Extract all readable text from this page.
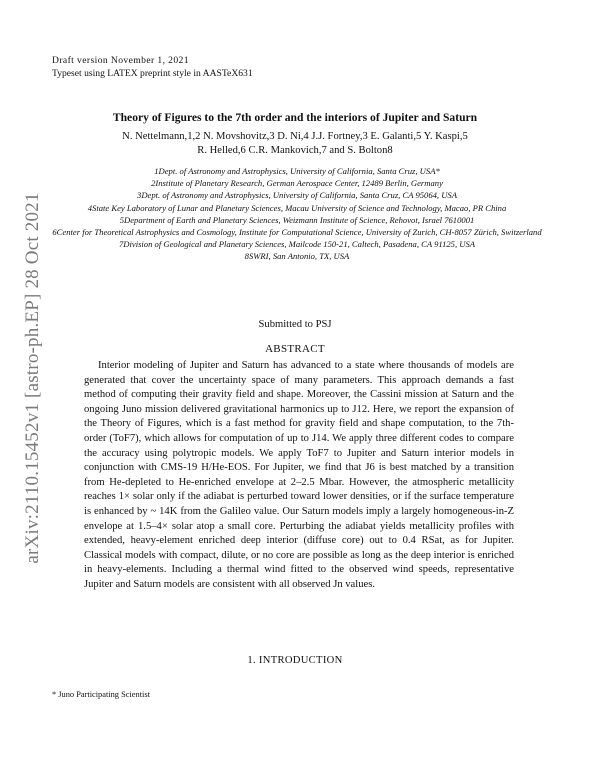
arXiv:2110.15452v1 [astro-ph.EP] 28 Oct 2021
Draft version November 1, 2021
Typeset using LATEX preprint style in AASTeX631
Theory of Figures to the 7th order and the interiors of Jupiter and Saturn
N. Nettelmann,1,2 N. Movshovitz,3 D. Ni,4 J.J. Fortney,3 E. Galanti,5 Y. Kaspi,5
R. Helled,6 C.R. Mankovich,7 and S. Bolton8
1Dept. of Astronomy and Astrophysics, University of California, Santa Cruz, USA*
2Institute of Planetary Research, German Aerospace Center, 12489 Berlin, Germany
3Dept. of Astronomy and Astrophysics, University of California, Santa Cruz, CA 95064, USA
4State Key Laboratory of Lunar and Planetary Sciences, Macau University of Science and Technology, Macao, PR China
5Department of Earth and Planetary Sciences, Weizmann Institute of Science, Rehovot, Israel 7610001
6Center for Theoretical Astrophysics and Cosmology, Institute for Computational Science, University of Zurich, CH-8057 Zürich, Switzerland
7Division of Geological and Planetary Sciences, Mailcode 150-21, Caltech, Pasadena, CA 91125, USA
8SWRI, San Antonio, TX, USA
Submitted to PSJ
ABSTRACT
Interior modeling of Jupiter and Saturn has advanced to a state where thousands of models are generated that cover the uncertainty space of many parameters. This approach demands a fast method of computing their gravity field and shape. Moreover, the Cassini mission at Saturn and the ongoing Juno mission delivered gravitational harmonics up to J12. Here, we report the expansion of the Theory of Figures, which is a fast method for gravity field and shape computation, to the 7th-order (ToF7), which allows for computation of up to J14. We apply three different codes to compare the accuracy using polytropic models. We apply ToF7 to Jupiter and Saturn interior models in conjunction with CMS-19 H/He-EOS. For Jupiter, we find that J6 is best matched by a transition from He-depleted to He-enriched envelope at 2–2.5 Mbar. However, the atmospheric metallicity reaches 1× solar only if the adiabat is perturbed toward lower densities, or if the surface temperature is enhanced by ~ 14K from the Galileo value. Our Saturn models imply a largely homogeneous-in-Z envelope at 1.5–4× solar atop a small core. Perturbing the adiabat yields metallicity profiles with extended, heavy-element enriched deep interior (diffuse core) out to 0.4 RSat, as for Jupiter. Classical models with compact, dilute, or no core are possible as long as the deep interior is enriched in heavy-elements. Including a thermal wind fitted to the observed wind speeds, representative Jupiter and Saturn models are consistent with all observed Jn values.
1. INTRODUCTION
* Juno Participating Scientist
